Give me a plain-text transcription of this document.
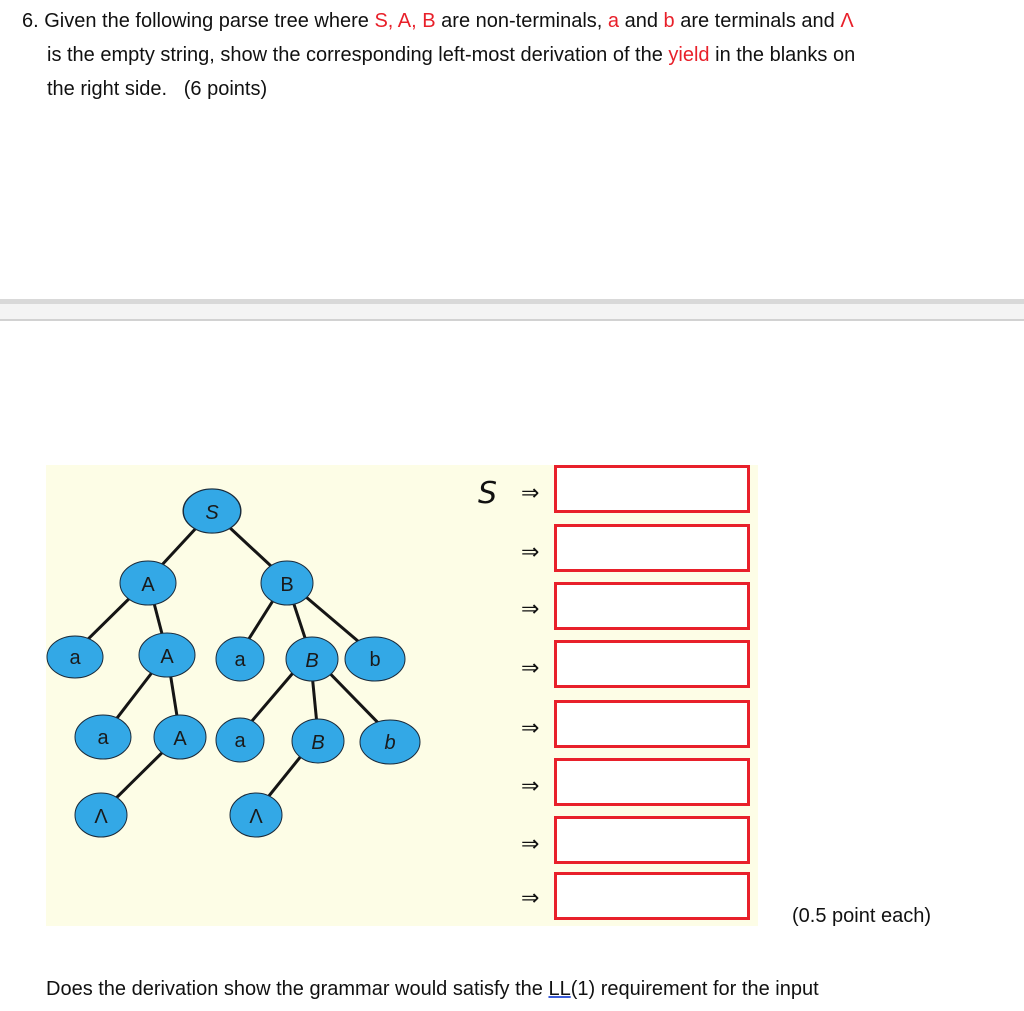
6. Given the following parse tree where S, A, B are non-terminals, a and b are terminals and Λ
is the empty string, show the corresponding left-most derivation of the yield in the blanks on
the right side. (6 points)

S
A	B
a	A	a	B	b
a	A a	B	b
Λ	Λ
S ⇒
⇒
⇒
⇒
⇒
⇒
⇒
⇒
(0.5 point each)
Does the derivation show the grammar would satisfy the LL(1) requirement for the input
